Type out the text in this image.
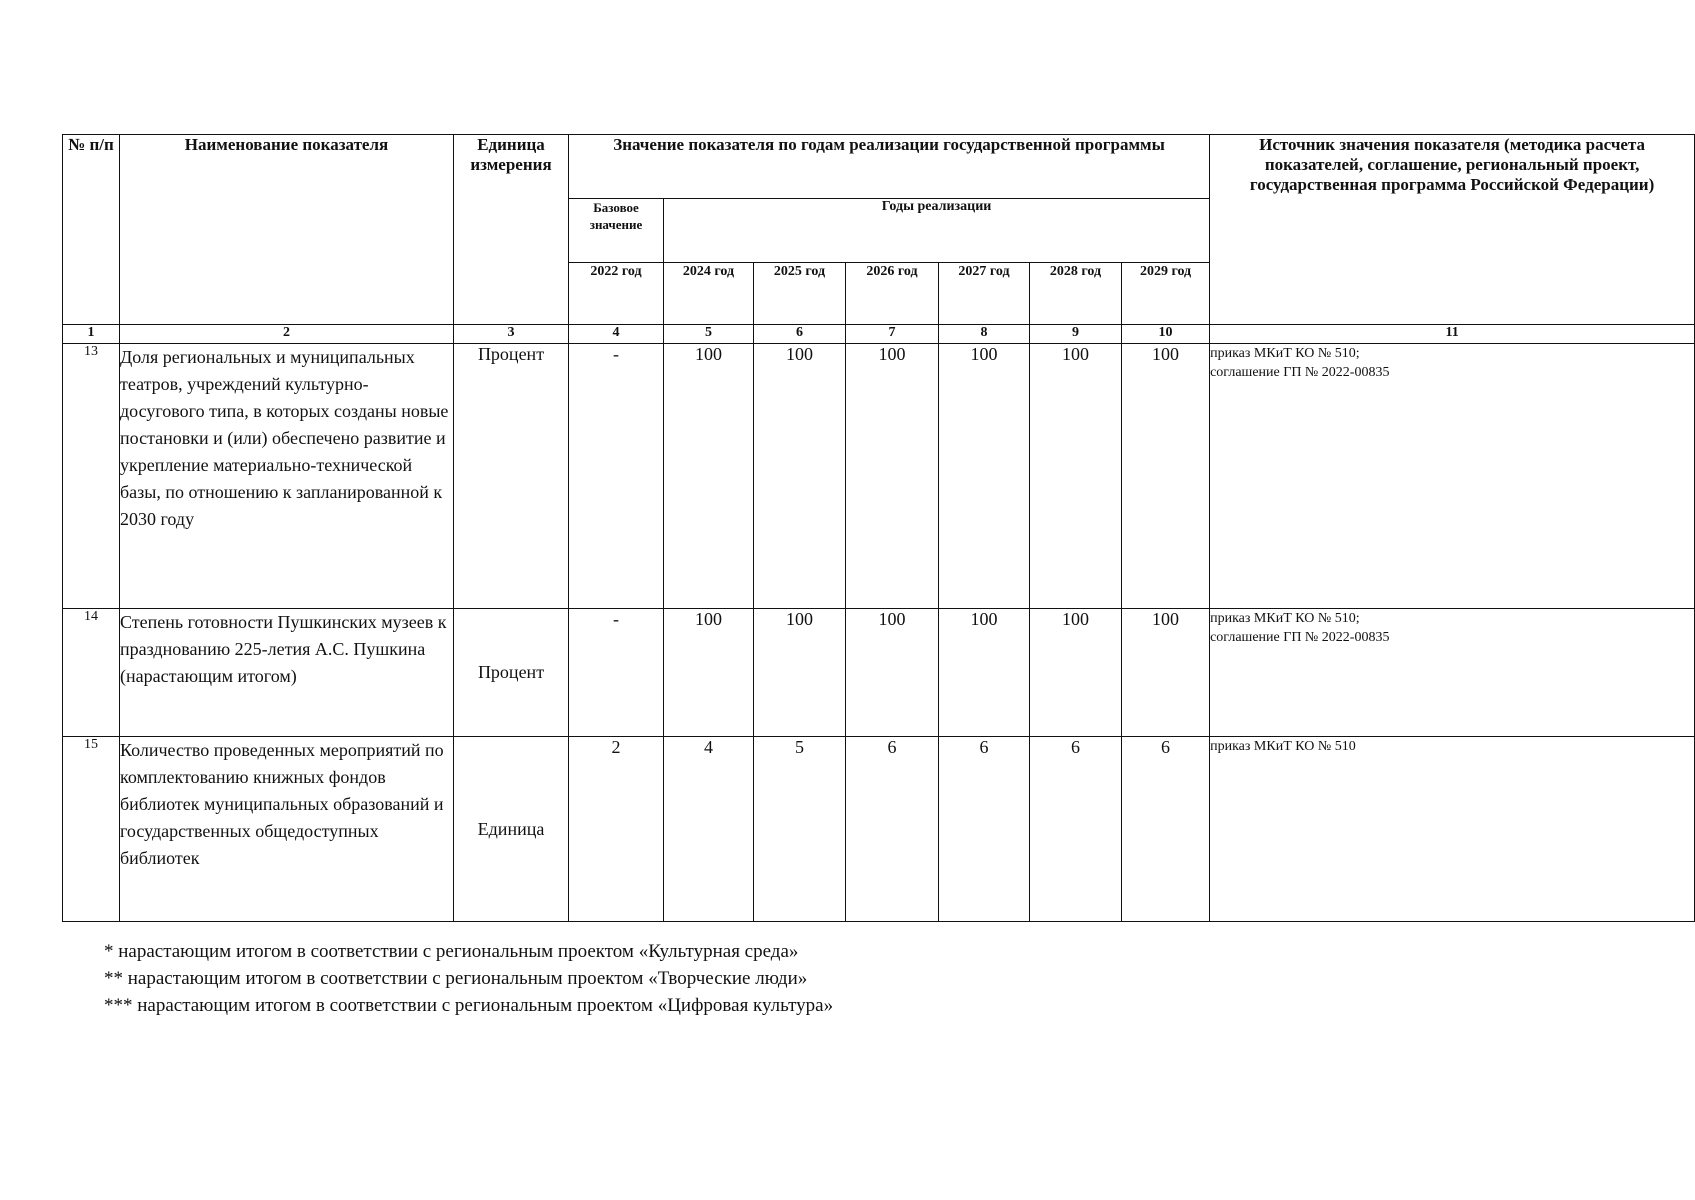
№ п/п	Наименование показателя	Единица измерения	Значение показателя по годам реализации государственной программы							Источник значения показателя (методика расчета показателей, соглашение, региональный проект, государственная программа Российской Федерации)
			Базовое значение	Годы реализации						
			2022 год	2024 год	2025 год	2026 год	2027 год	2028 год	2029 год	
1	2	3	4	5	6	7	8	9	10	11
13	Доля региональных и муниципальных театров, учреждений культурно-досугового типа, в которых созданы новые постановки и (или) обеспечено развитие и укрепление материально-технической базы, по отношению к запланированной к 2030 году	Процент	-	100	100	100	100	100	100	приказ МКиТ КО № 510;
соглашение ГП № 2022-00835

14	Степень готовности Пушкинских музеев к празднованию 225-летия А.С. Пушкина (нарастающим итогом)	Процент	-	100	100	100	100	100	100	приказ МКиТ КО № 510;
соглашение ГП № 2022-00835

15	Количество проведенных мероприятий по комплектованию книжных фондов библиотек муниципальных образований и государственных общедоступных библиотек	Единица	2	4	5	6	6	6	6	приказ МКиТ КО № 510
* нарастающим итогом в соответствии с региональным проектом «Культурная среда»
** нарастающим итогом в соответствии с региональным проектом «Творческие люди»
*** нарастающим итогом в соответствии с региональным проектом «Цифровая культура»
